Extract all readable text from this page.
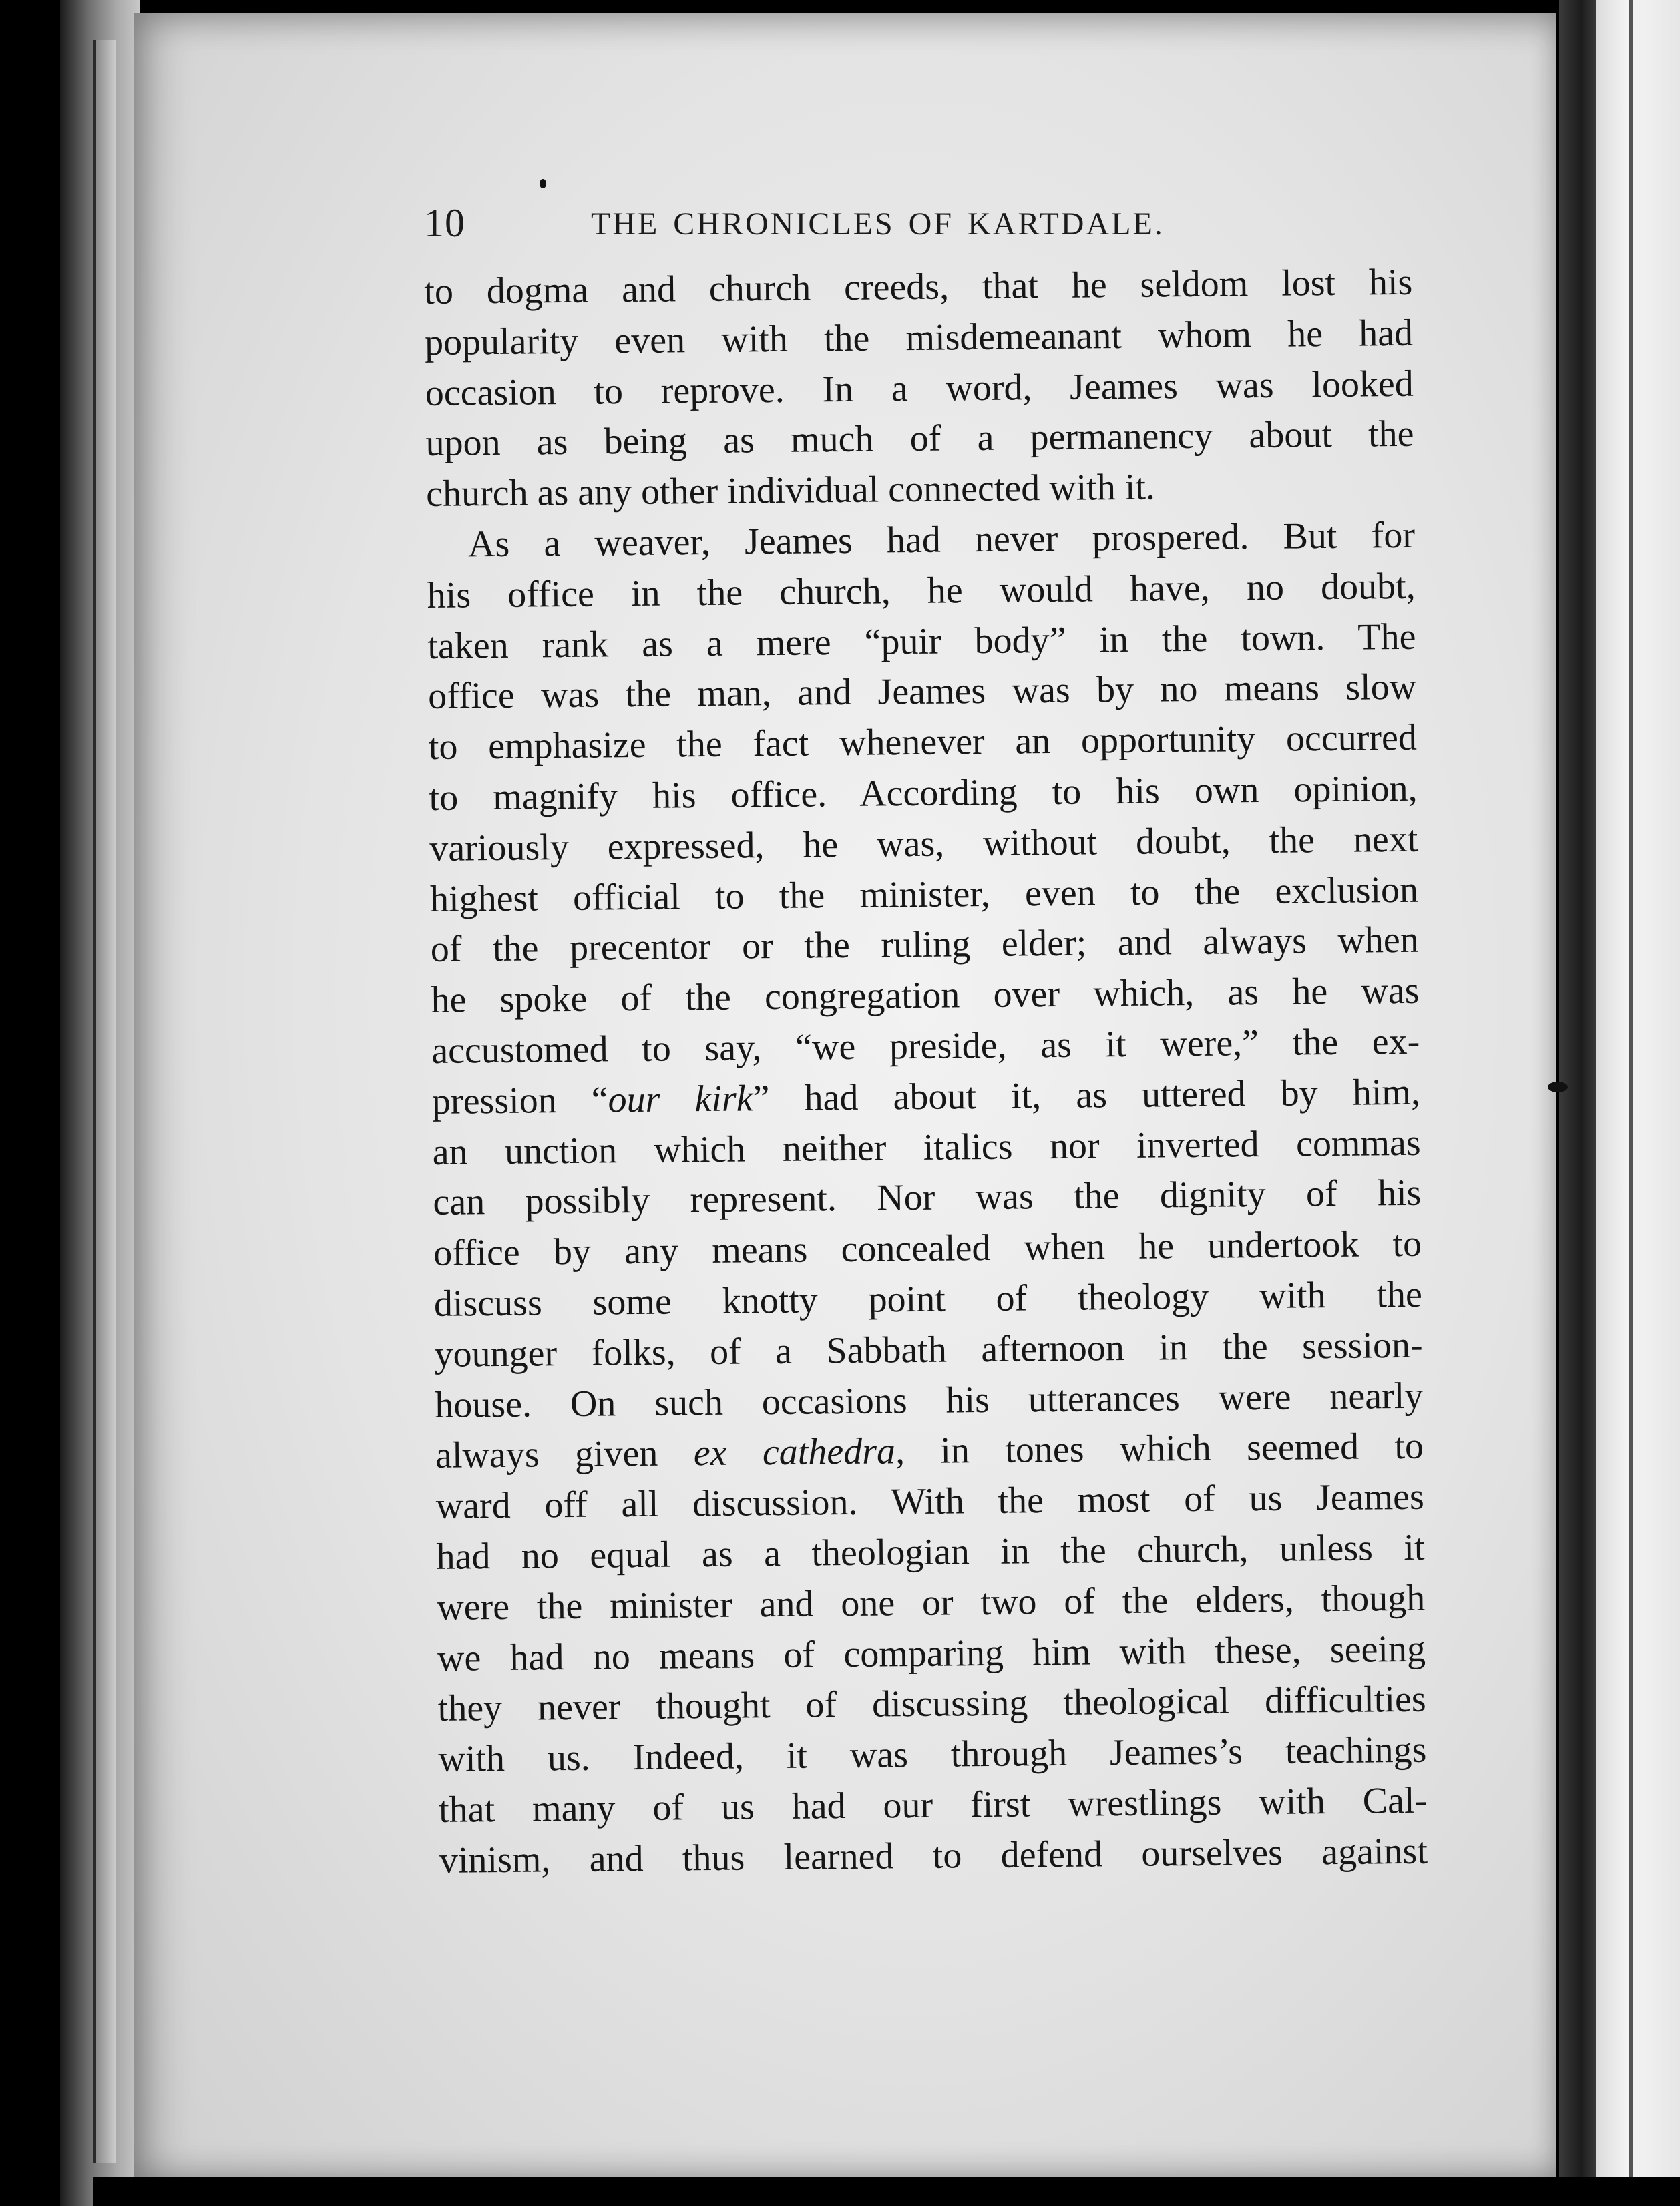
10	THE CHRONICLES OF KARTDALE.
to dogma and church creeds, that he seldom lost his
popularity even with the misdemeanant whom he had
occasion to reprove. In a word, Jeames was looked
upon as being as much of a permanency about the
church as any other individual connected with it.
As a weaver, Jeames had never prospered. But for
his office in the church, he would have, no doubt,
taken rank as a mere “puir body” in the town. The
office was the man, and Jeames was by no means slow
to emphasize the fact whenever an opportunity occurred
to magnify his office. According to his own opinion,
variously expressed, he was, without doubt, the next
highest official to the minister, even to the exclusion
of the precentor or the ruling elder; and always when
he spoke of the congregation over which, as he was
accustomed to say, “we preside, as it were,” the ex-
pression “our kirk” had about it, as uttered by him,
an unction which neither italics nor inverted commas
can possibly represent. Nor was the dignity of his
office by any means concealed when he undertook to
discuss some knotty point of theology with the
younger folks, of a Sabbath afternoon in the session-
house. On such occasions his utterances were nearly
always given ex cathedra, in tones which seemed to
ward off all discussion. With the most of us Jeames
had no equal as a theologian in the church, unless it
were the minister and one or two of the elders, though
we had no means of comparing him with these, seeing
they never thought of discussing theological difficulties
with us. Indeed, it was through Jeames’s teachings
that many of us had our first wrestlings with Cal-
vinism, and thus learned to defend ourselves against
